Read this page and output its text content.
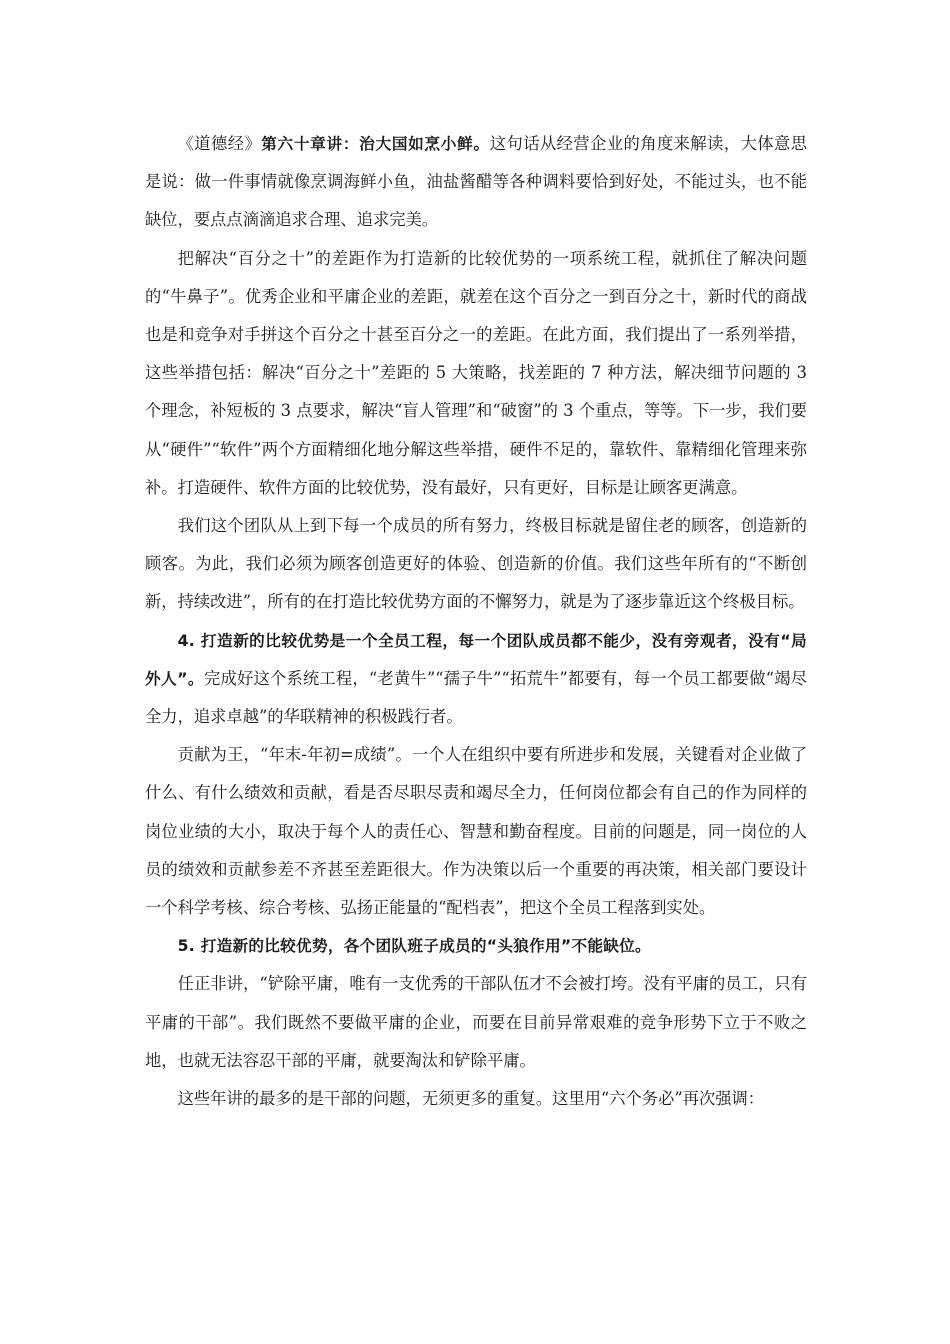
《道德经》第六十章讲：治大国如烹小鲜。这句话从经营企业的角度来解读，大体意思是说：做一件事情就像烹调海鲜小鱼，油盐酱醋等各种调料要恰到好处，不能过头，也不能缺位，要点点滴滴追求合理、追求完美。

把解决“百分之十”的差距作为打造新的比较优势的一项系统工程，就抓住了解决问题的“牛鼻子”。优秀企业和平庸企业的差距，就差在这个百分之一到百分之十，新时代的商战也是和竞争对手拼这个百分之十甚至百分之一的差距。在此方面，我们提出了一系列举措，这些举措包括：解决“百分之十”差距的 5 大策略，找差距的 7 种方法，解决细节问题的 3 个理念，补短板的 3 点要求，解决“盲人管理”和“破窗”的 3 个重点，等等。下一步，我们要从“硬件”“软件”两个方面精细化地分解这些举措，硬件不足的，靠软件、靠精细化管理来弥补。打造硬件、软件方面的比较优势，没有最好，只有更好，目标是让顾客更满意。

我们这个团队从上到下每一个成员的所有努力，终极目标就是留住老的顾客，创造新的顾客。为此，我们必须为顾客创造更好的体验、创造新的价值。我们这些年所有的“不断创新，持续改进”，所有的在打造比较优势方面的不懈努力，就是为了逐步靠近这个终极目标。

4. 打造新的比较优势是一个全员工程，每一个团队成员都不能少，没有旁观者，没有“局外人”。完成好这个系统工程，“老黄牛”“孺子牛”“拓荒牛”都要有，每一个员工都要做“竭尽全力，追求卓越”的华联精神的积极践行者。

贡献为王，“年末-年初=成绩”。一个人在组织中要有所进步和发展，关键看对企业做了什么、有什么绩效和贡献，看是否尽职尽责和竭尽全力，任何岗位都会有自己的作为同样的岗位业绩的大小，取决于每个人的责任心、智慧和勤奋程度。目前的问题是，同一岗位的人员的绩效和贡献参差不齐甚至差距很大。作为决策以后一个重要的再决策，相关部门要设计一个科学考核、综合考核、弘扬正能量的“配档表”，把这个全员工程落到实处。

5. 打造新的比较优势，各个团队班子成员的“头狼作用”不能缺位。

任正非讲，“铲除平庸，唯有一支优秀的干部队伍才不会被打垮。没有平庸的员工，只有平庸的干部”。我们既然不要做平庸的企业，而要在目前异常艰难的竞争形势下立于不败之地，也就无法容忍干部的平庸，就要淘汰和铲除平庸。

这些年讲的最多的是干部的问题，无须更多的重复。这里用“六个务必”再次强调：
